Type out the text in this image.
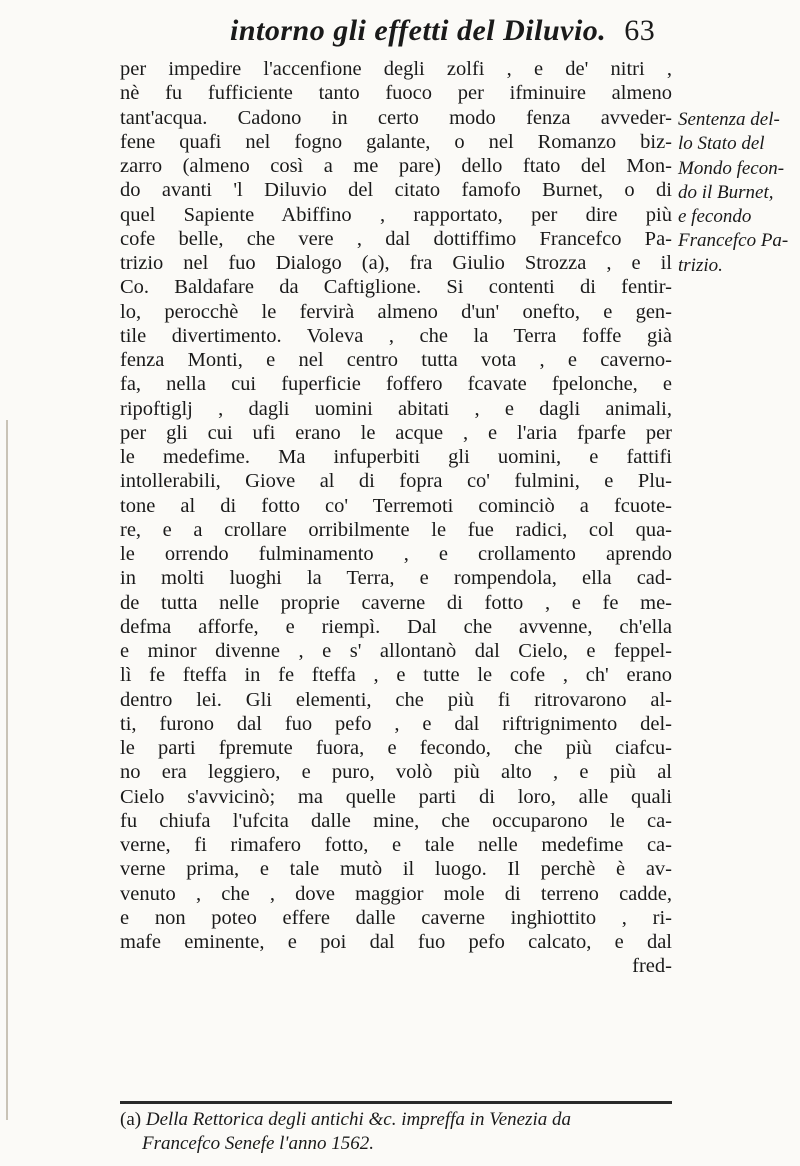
intorno gli effetti del Diluvio. 63
per impedire l'accenfione degli zolfi , e de' nitri ,
nè fu fufficiente tanto fuoco per ifminuire almeno
tant'acqua. Cadono in certo modo fenza avveder-
fene quafi nel fogno galante, o nel Romanzo biz-
zarro (almeno così a me pare) dello ftato del Mon-
do avanti 'l Diluvio del citato famofo Burnet, o di
quel Sapiente Abiffino , rapportato, per dire più
cofe belle, che vere , dal dottiffimo Francefco Pa-
trizio nel fuo Dialogo (a), fra Giulio Strozza , e il
Co. Baldafare da Caftiglione. Si contenti di fentir-
lo, perocchè le fervirà almeno d'un' onefto, e gen-
tile divertimento. Voleva , che la Terra foffe già
fenza Monti, e nel centro tutta vota , e caverno-
fa, nella cui fuperficie foffero fcavate fpelonche, e
ripoftiglj , dagli uomini abitati , e dagli animali,
per gli cui ufi erano le acque , e l'aria fparfe per
le medefime. Ma infuperbiti gli uomini, e fattifi
intollerabili, Giove al di fopra co' fulmini, e Plu-
tone al di fotto co' Terremoti cominciò a fcuote-
re, e a crollare orribilmente le fue radici, col qua-
le orrendo fulminamento , e crollamento aprendo
in molti luoghi la Terra, e rompendola, ella cad-
de tutta nelle proprie caverne di fotto , e fe me-
defma afforfe, e riempì. Dal che avvenne, ch'ella
e minor divenne , e s' allontanò dal Cielo, e feppel-
lì fe fteffa in fe fteffa , e tutte le cofe , ch' erano
dentro lei. Gli elementi, che più fi ritrovarono al-
ti, furono dal fuo pefo , e dal riftrignimento del-
le parti fpremute fuora, e fecondo, che più ciafcu-
no era leggiero, e puro, volò più alto , e più al
Cielo s'avvicinò; ma quelle parti di loro, alle quali
fu chiufa l'ufcita dalle mine, che occuparono le ca-
verne, fi rimafero fotto, e tale nelle medefime ca-
verne prima, e tale mutò il luogo. Il perchè è av-
venuto , che , dove maggior mole di terreno cadde,
e non poteo effere dalle caverne inghiottito , ri-
mafe eminente, e poi dal fuo pefo calcato, e dal
fred-
Sentenza del-
lo Stato del
Mondo fecon-
do il Burnet,
e fecondo
Francefco Pa-
trizio.
(a) Della Rettorica degli antichi &c. impreffa in Venezia da
Francefco Senefe l'anno 1562.
